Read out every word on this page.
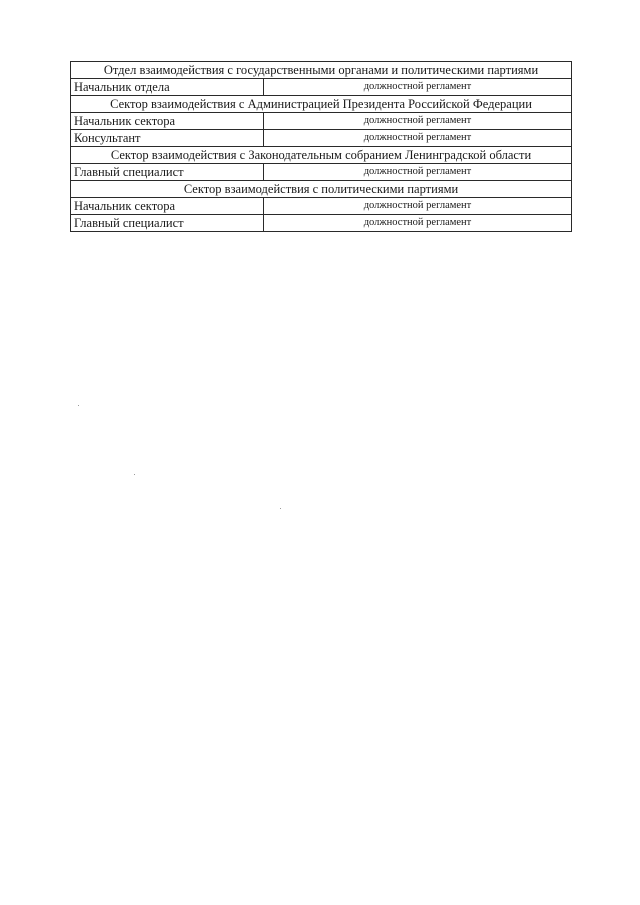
Отдел взаимодействия с государственными органами и политическими партиями	
Начальник отдела	должностной регламент
Сектор взаимодействия с Администрацией Президента Российской Федерации	
Начальник сектора	должностной регламент
Консультант	должностной регламент
Сектор взаимодействия с Законодательным собранием Ленинградской области	
Главный специалист	должностной регламент
Сектор взаимодействия с политическими партиями	
Начальник сектора	должностной регламент
Главный специалист	должностной регламент
